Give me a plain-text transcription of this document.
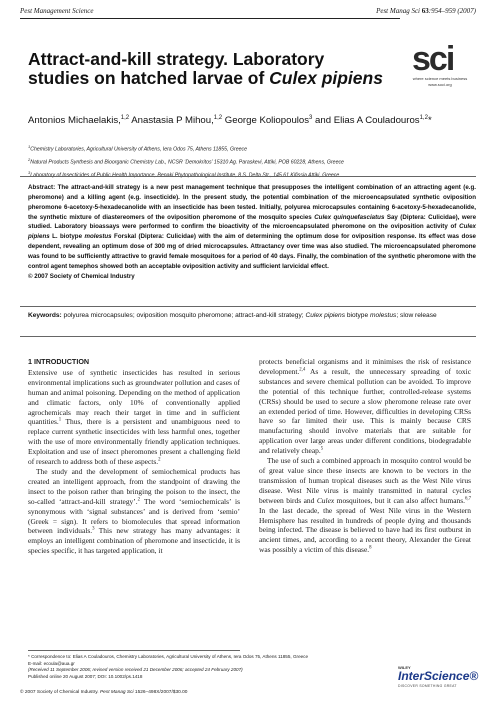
Pest Management Science	Pest Manag Sci 63:954–959 (2007)
sci
where science meets business
www.soci.org
Attract-and-kill strategy. Laboratory studies on hatched larvae of Culex pipiens
Antonios Michaelakis,$^{1,2}$ Anastasia P Mihou,$^{1,2}$ George Koliopoulos$^3$ and Elias A Couladouros$^{1,2}$*
$^1$Chemistry Laboratories, Agricultural University of Athens, Iera Odos 75, Athens 11855, Greece
$^2$Natural Products Synthesis and Bioorganic Chemistry Lab., NCSR ‘Demokritos’ 15310 Ag. Paraskevi, Attiki, POB 60228, Athens, Greece
$^3$Laboratory of Insecticides of Public Health Importance, Benaki Phytopathological Institute, 8 S. Delta Str., 145 61 Kifissia Attiki, Greece
Abstract: The attract-and-kill strategy is a new pest management technique that presupposes the intelligent combination of an attracting agent (e.g. pheromone) and a killing agent (e.g. insecticide). In the present study, the potential combination of the microencapsulated synthetic oviposition pheromone 6-acetoxy-5-hexadecanolide with an insecticide has been tested. Initially, polyurea microcapsules containing 6-acetoxy-5-hexadecanolide, the synthetic mixture of diastereomers of the oviposition pheromone of the mosquito species Culex quinquefasciatus Say (Diptera: Culicidae), were studied. Laboratory bioassays were performed to confirm the bioactivity of the microencapsulated pheromone on the oviposition activity of Culex pipiens L. biotype molestus Forskal (Diptera: Culicidae) with the aim of determining the optimum dose for oviposition response. Its effect was dose dependent, revealing an optimum dose of 300 mg of dried microcapsules. Attractancy over time was also studied. The microencapsulated pheromone was found to be sufficiently attractive to gravid female mosquitoes for a period of 40 days. Finally, the combination of the synthetic pheromone with the control agent temephos showed both an acceptable oviposition activity and sufficient larvicidal effect.
© 2007 Society of Chemical Industry
Keywords: polyurea microcapsules; oviposition mosquito pheromone; attract-and-kill strategy; Culex pipiens biotype molestus; slow release

1 INTRODUCTION

Extensive use of synthetic insecticides has resulted in serious environmental implications such as groundwater pollution and cases of human and animal poisoning. Depending on the method of application and climatic factors, only 10% of conventionally applied agrochemicals may reach their target in time and in sufficient quantities.$^1$ Thus, there is a persistent and unambiguous need to replace current synthetic insecticides with less harmful ones, together with the use of more environmentally friendly application techniques. Exploitation and use of insect pheromones present a challenging field of research to address both of these aspects.$^2$

The study and the development of semiochemical products has created an intelligent approach, from the standpoint of drawing the insect to the poison rather than bringing the poison to the insect, the so-called ‘attract-and-kill strategy’.$^2$ The word ‘semiochemicals’ is synonymous with ‘signal substances’ and is derived from ‘semio’ (Greek = sign). It refers to biomolecules that spread information between individuals.$^3$ This new strategy has many advantages: it employs an intelligent combination of pheromone and insecticide, it is species specific, it has targeted application, it

protects beneficial organisms and it minimises the risk of resistance development.$^{2,4}$ As a result, the unnecessary spreading of toxic substances and severe chemical pollution can be avoided. To improve the potential of this technique further, controlled-release systems (CRSs) should be used to secure a slow pheromone release rate over an extended period of time. However, difficulties in developing CRSs have so far limited their use. This is mainly because CRS manufacturing should involve materials that are suitable for application over large areas under different conditions, biodegradable and relatively cheap.$^5$

The use of such a combined approach in mosquito control would be of great value since these insects are known to be vectors in the transmission of human tropical diseases such as the West Nile virus disease. West Nile virus is mainly transmitted in natural cycles between birds and Culex mosquitoes, but it can also affect humans.$^{6,7}$ In the last decade, the spread of West Nile virus in the Western Hemisphere has resulted in hundreds of people dying and thousands being infected. The disease is believed to have had its first outburst in ancient times, and, according to a recent theory, Alexander the Great was possibly a victim of this disease.$^8$

* Correspondence to: Elias A Couladouros, Chemistry Laboratories, Agricultural University of Athens, Iera Odos 75, Athens 11855, Greece
E-mail: ecoula@aua.gr
(Received 11 September 2006; revised version received 21 December 2006; accepted 24 February 2007)
Published online 20 August 2007; DOI: 10.1002/ps.1418
WILEY
InterScience®
DISCOVER SOMETHING GREAT
© 2007 Society of Chemical Industry. Pest Manag Sci 1526–498X/2007/$30.00
